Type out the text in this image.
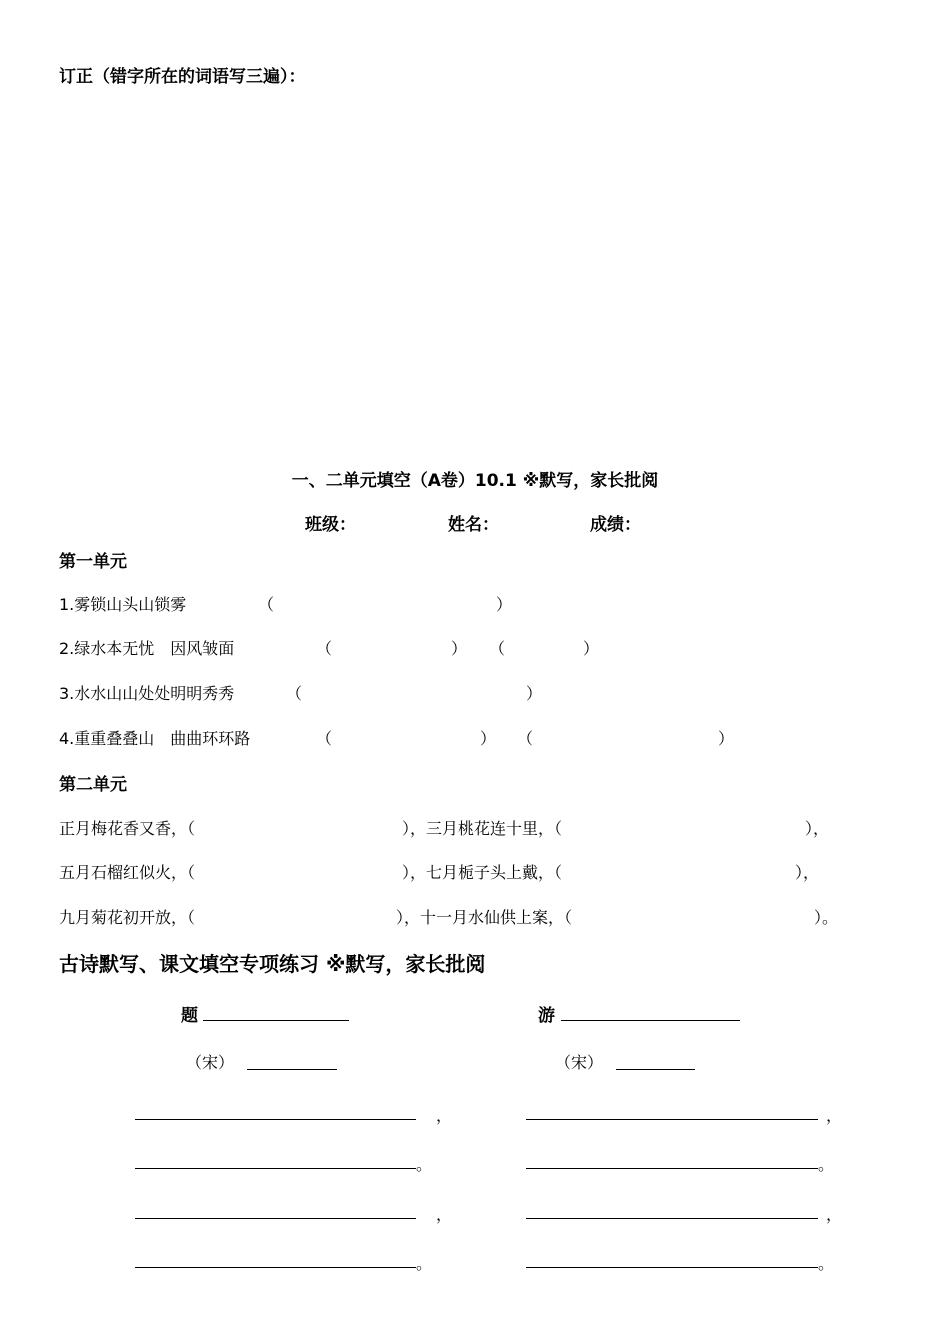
订正（错字所在的词语写三遍）：
一、二单元填空（A卷）10.1 ※默写，家长批阅
班级：	姓名：	成绩：
第一单元
1.雾锁山头山锁雾	（	）
2.绿水本无忧　因风皱面	（	） （	）
3.水水山山处处明明秀秀	（	）
4.重重叠叠山　曲曲环环路	（	） （	）
第二单元
正月梅花香又香，（	），三月桃花连十里，（	），
五月石榴红似火，（	），七月栀子头上戴，（	），
九月菊花初开放，（	），十一月水仙供上案，（	）。
古诗默写、课文填空专项练习 ※默写，家长批阅
题
（宋）
，
。
，
。
游
（宋）
，
。
，
。
